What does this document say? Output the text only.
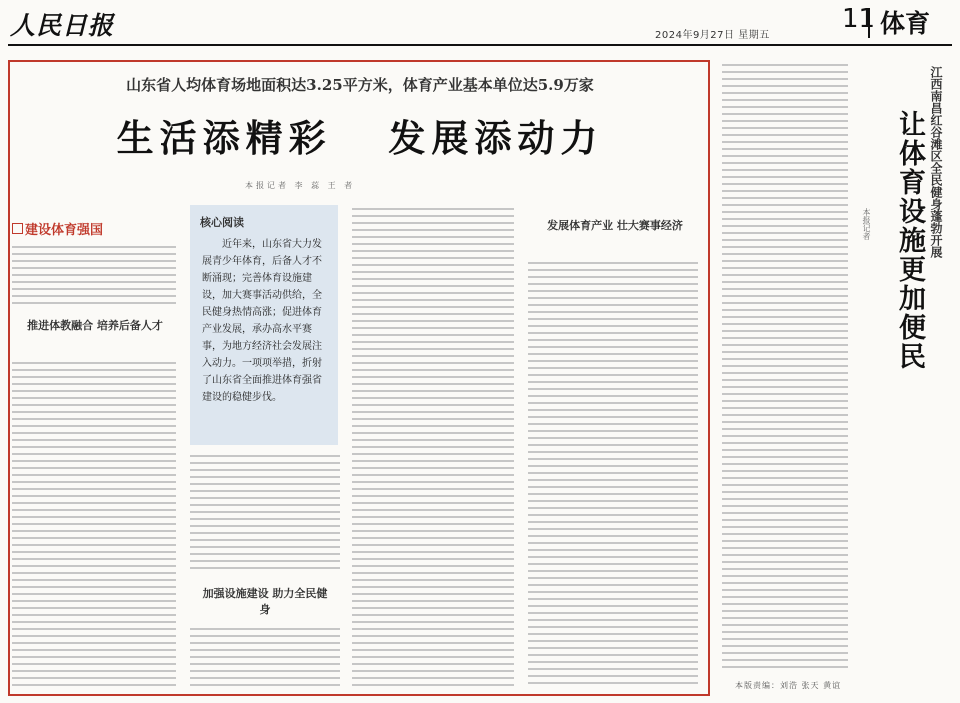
人民日报	2024年9月27日 星期五
11 体育
山东省人均体育场地面积达3.25平方米，体育产业基本单位达5.9万家
生活添精彩   发展添动力
本报记者 李 蕊 王 者
建设体育强国
推进体教融合 培养后备人才
核心阅读
近年来，山东省大力发展青少年体育，后备人才不断涌现；完善体育设施建设，加大赛事活动供给，全民健身热情高涨；促进体育产业发展，承办高水平赛事，为地方经济社会发展注入动力。一项项举措，折射了山东省全面推进体育强省建设的稳健步伐。
加强设施建设 助力全民健身
发展体育产业 壮大赛事经济	江西南昌红谷滩区全民健身蓬勃开展
让体育设施更加便民
本报记者
本版责编：刘浩 张天 黄谊
